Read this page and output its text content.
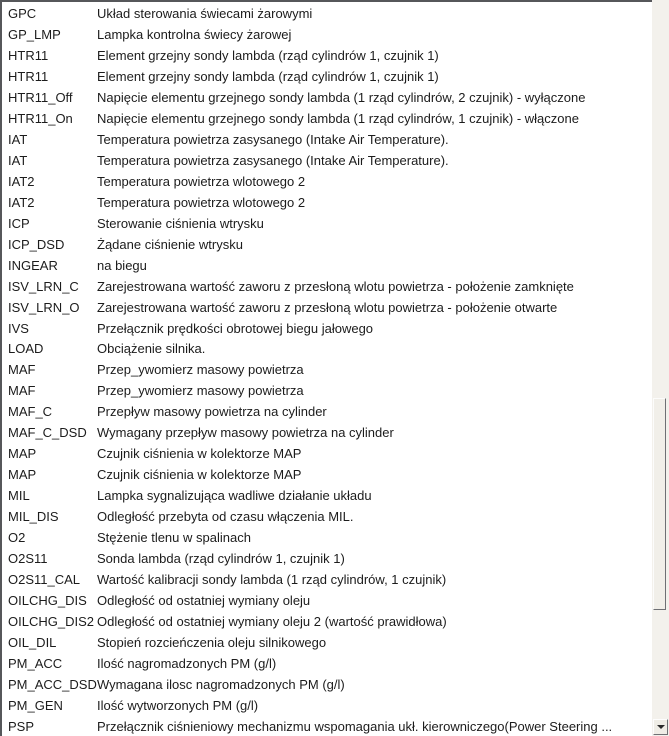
GPC	Układ sterowania świecami żarowymi
GP_LMP	Lampka kontrolna świecy żarowej
HTR11	Element grzejny sondy lambda (rząd cylindrów 1, czujnik 1)
HTR11	Element grzejny sondy lambda (rząd cylindrów 1, czujnik 1)
HTR11_Off	Napięcie elementu grzejnego sondy lambda (1 rząd cylindrów, 2 czujnik) - wyłączone
HTR11_On	Napięcie elementu grzejnego sondy lambda (1 rząd cylindrów, 1 czujnik) - włączone
IAT	Temperatura powietrza zasysanego (Intake Air Temperature).
IAT	Temperatura powietrza zasysanego (Intake Air Temperature).
IAT2	Temperatura powietrza wlotowego 2
IAT2	Temperatura powietrza wlotowego 2
ICP	Sterowanie ciśnienia wtrysku
ICP_DSD	Żądane ciśnienie wtrysku
INGEAR	na biegu
ISV_LRN_C	Zarejestrowana wartość zaworu z przesłoną wlotu powietrza - położenie zamknięte
ISV_LRN_O	Zarejestrowana wartość zaworu z przesłoną wlotu powietrza - położenie otwarte
IVS	Przełącznik prędkości obrotowej biegu jałowego
LOAD	Obciążenie silnika.
MAF	Przep_ywomierz masowy powietrza
MAF	Przep_ywomierz masowy powietrza
MAF_C	Przepływ masowy powietrza na cylinder
MAF_C_DSD Wymagany przepływ masowy powietrza na cylinder
MAP	Czujnik ciśnienia w kolektorze MAP
MAP	Czujnik ciśnienia w kolektorze MAP
MIL	Lampka sygnalizująca wadliwe działanie układu
MIL_DIS	Odległość przebyta od czasu włączenia MIL.
O2	Stężenie tlenu w spalinach
O2S11	Sonda lambda (rząd cylindrów 1, czujnik 1)
O2S11_CAL	Wartość kalibracji sondy lambda (1 rząd cylindrów, 1 czujnik)
OILCHG_DIS Odległość od ostatniej wymiany oleju
OILCHG_DIS2 Odległość od ostatniej wymiany oleju 2 (wartość prawidłowa)
OIL_DIL	Stopień rozcieńczenia oleju silnikowego
PM_ACC	Ilość nagromadzonych PM (g/l)
PM_ACC_DSD Wymagana ilosc nagromadzonych PM (g/l)
PM_GEN	Ilość wytworzonych PM (g/l)
PSP	Przełącznik ciśnieniowy mechanizmu wspomagania ukł. kierowniczego(Power Steering ...
